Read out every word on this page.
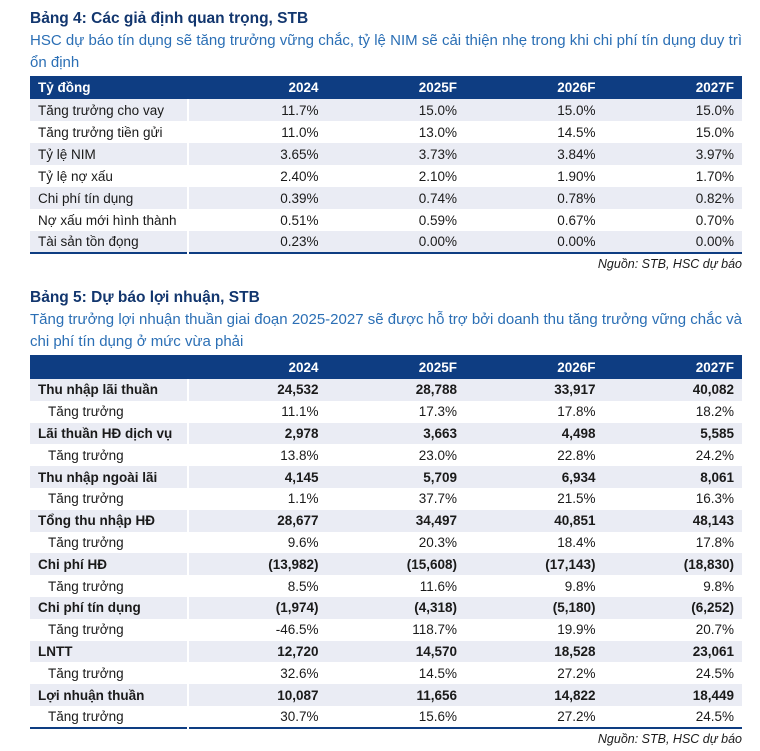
Bảng 4: Các giả định quan trọng, STB

HSC dự báo tín dụng sẽ tăng trưởng vững chắc, tỷ lệ NIM sẽ cải thiện nhẹ trong khi chi phí tín dụng duy trì ổn định

Tỷ đồng	2024	2025F	2026F	2027F
Tăng trưởng cho vay	11.7%	15.0%	15.0%	15.0%
Tăng trưởng tiền gửi	11.0%	13.0%	14.5%	15.0%
Tỷ lệ NIM	3.65%	3.73%	3.84%	3.97%
Tỷ lệ nợ xấu	2.40%	2.10%	1.90%	1.70%
Chi phí tín dụng	0.39%	0.74%	0.78%	0.82%
Nợ xấu mới hình thành	0.51%	0.59%	0.67%	0.70%
Tài sản tồn đọng	0.23%	0.00%	0.00%	0.00%
Nguồn: STB, HSC dự báo
Bảng 5: Dự báo lợi nhuận, STB

Tăng trưởng lợi nhuận thuần giai đoạn 2025-2027 sẽ được hỗ trợ bởi doanh thu tăng trưởng vững chắc và chi phí tín dụng ở mức vừa phải

	2024	2025F	2026F	2027F
Thu nhập lãi thuần	24,532	28,788	33,917	40,082
Tăng trưởng	11.1%	17.3%	17.8%	18.2%
Lãi thuần HĐ dịch vụ	2,978	3,663	4,498	5,585
Tăng trưởng	13.8%	23.0%	22.8%	24.2%
Thu nhập ngoài lãi	4,145	5,709	6,934	8,061
Tăng trưởng	1.1%	37.7%	21.5%	16.3%
Tổng thu nhập HĐ	28,677	34,497	40,851	48,143
Tăng trưởng	9.6%	20.3%	18.4%	17.8%
Chi phí HĐ	(13,982)	(15,608)	(17,143)	(18,830)
Tăng trưởng	8.5%	11.6%	9.8%	9.8%
Chi phí tín dụng	(1,974)	(4,318)	(5,180)	(6,252)
Tăng trưởng	-46.5%	118.7%	19.9%	20.7%
LNTT	12,720	14,570	18,528	23,061
Tăng trưởng	32.6%	14.5%	27.2%	24.5%
Lợi nhuận thuần	10,087	11,656	14,822	18,449
Tăng trưởng	30.7%	15.6%	27.2%	24.5%
Nguồn: STB, HSC dự báo
